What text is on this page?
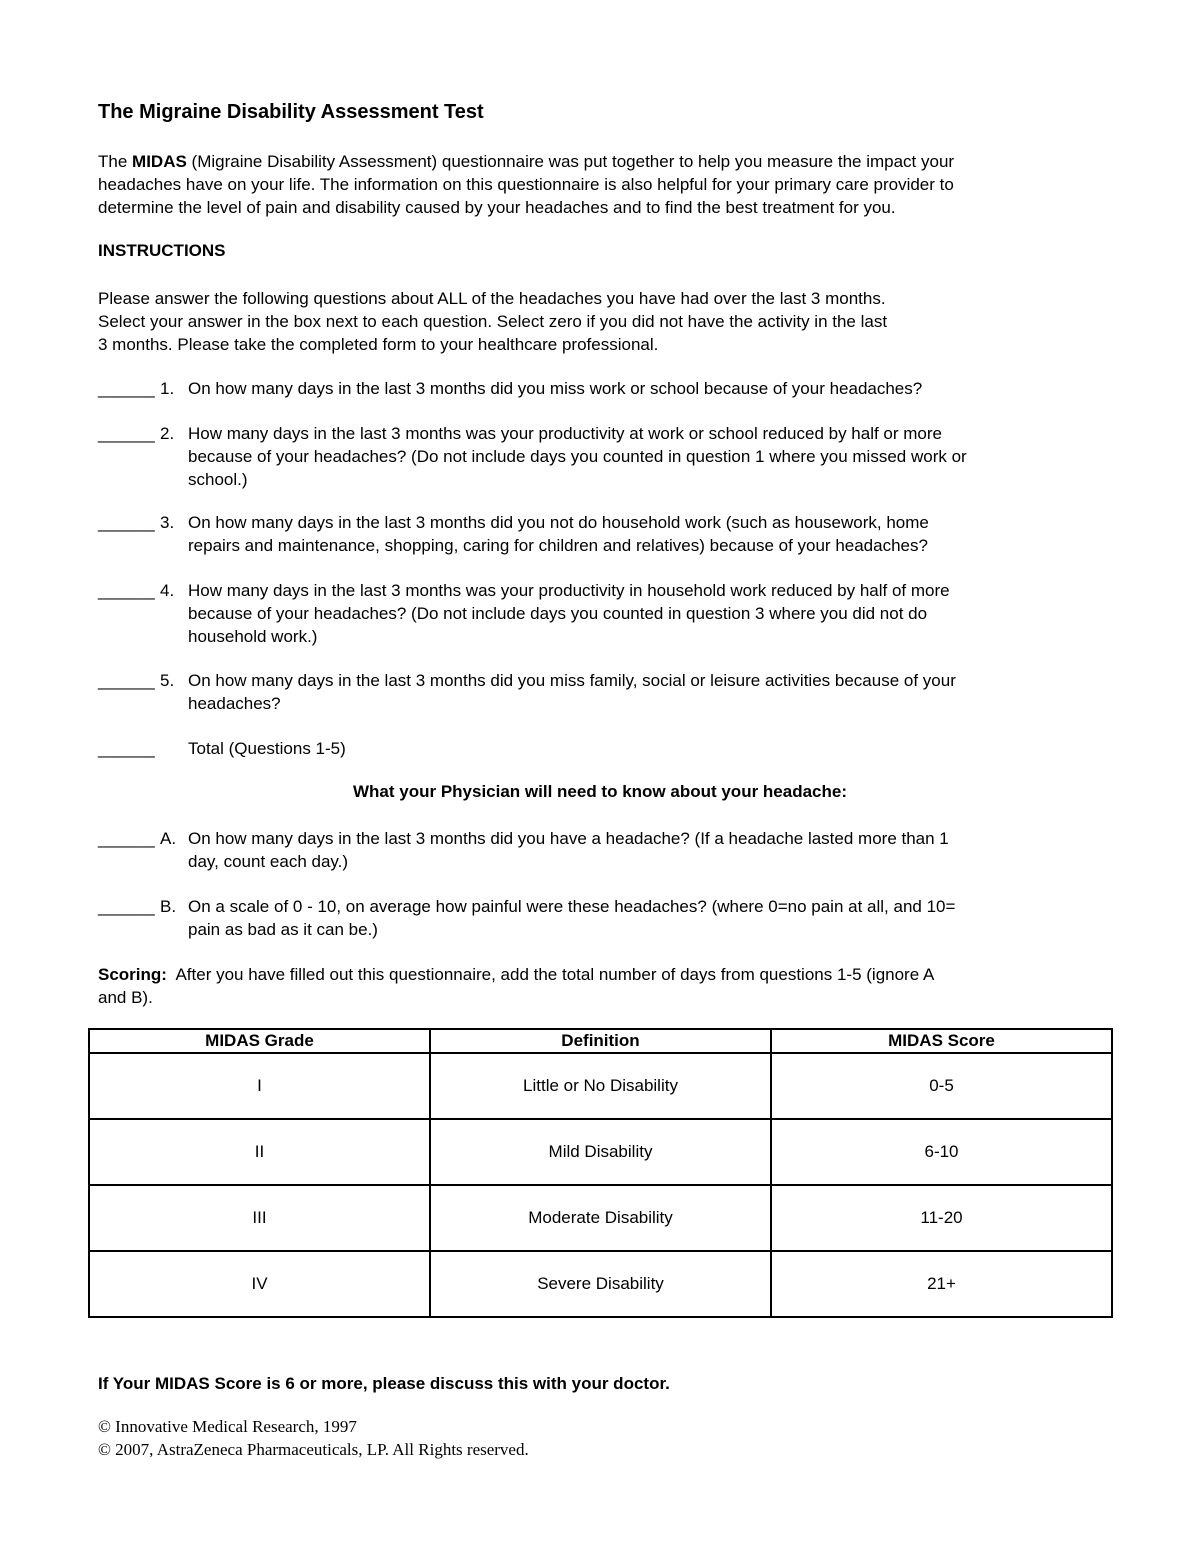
The Migraine Disability Assessment Test
The MIDAS (Migraine Disability Assessment) questionnaire was put together to help you measure the impact your
headaches have on your life. The information on this questionnaire is also helpful for your primary care provider to
determine the level of pain and disability caused by your headaches and to find the best treatment for you.
INSTRUCTIONS
Please answer the following questions about ALL of the headaches you have had over the last 3 months.
Select your answer in the box next to each question. Select zero if you did not have the activity in the last
3 months. Please take the completed form to your healthcare professional.
______ 1. On how many days in the last 3 months did you miss work or school because of your headaches?
______ 2. How many days in the last 3 months was your productivity at work or school reduced by half or more
because of your headaches? (Do not include days you counted in question 1 where you missed work or
school.)
______ 3. On how many days in the last 3 months did you not do household work (such as housework, home
repairs and maintenance, shopping, caring for children and relatives) because of your headaches?
______ 4. How many days in the last 3 months was your productivity in household work reduced by half of more
because of your headaches? (Do not include days you counted in question 3 where you did not do
household work.)
______ 5. On how many days in the last 3 months did you miss family, social or leisure activities because of your
headaches?
______ Total (Questions 1-5)
What your Physician will need to know about your headache:
______ A. On how many days in the last 3 months did you have a headache? (If a headache lasted more than 1
day, count each day.)
______ B. On a scale of 0 - 10, on average how painful were these headaches? (where 0=no pain at all, and 10=
pain as bad as it can be.)
Scoring:  After you have filled out this questionnaire, add the total number of days from questions 1-5 (ignore A
and B).
MIDAS Grade	Definition	MIDAS Score
I	Little or No Disability	0-5
II	Mild Disability	6-10
III	Moderate Disability	11-20
IV	Severe Disability	21+
If Your MIDAS Score is 6 or more, please discuss this with your doctor.
© Innovative Medical Research, 1997
© 2007, AstraZeneca Pharmaceuticals, LP. All Rights reserved.
